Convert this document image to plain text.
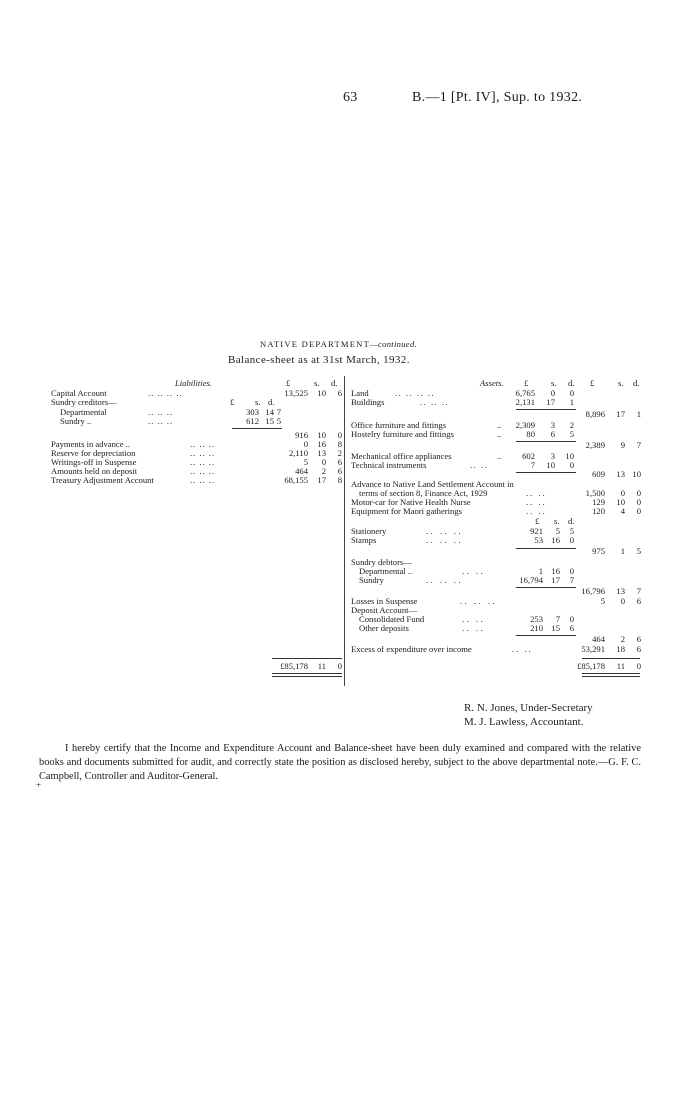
63	B.—1 [Pt. IV], Sup. to 1932.
NATIVE DEPARTMENT—continued.
Balance-sheet as at 31st March, 1932.
Liabilities.	£	s. d.
Capital Account	.. .. .. ..	13,525 10 6
Sundry creditors—	£ s. d.
Departmental	.. .. ..	303 14 7
Sundry ..	.. .. ..	612 15 5
916 10 0
Payments in advance ..	.. .. ..	0 16 8
Reserve for depreciation	.. .. ..	2,110 13 2
Writings-off in Suspense	.. .. ..	5 0 6
Amounts held on deposit	.. .. ..	464 2 6
Treasury Adjustment Account	.. .. ..	68,155 17 8
£85,178 11 0
Assets. £	s. d. £	s. d.
Land	.. .. .. ..	6,765 0 0
Buildings	.. .. ..	2,131 17 1
8,896 17 1
Office furniture and fittings	.. 2,309 3 2
Hostelry furniture and fittings	..	80 6 5
2,389 9 7
Mechanical office appliances	.. 602 3 10
Technical instruments	.. ..	7 10 0
609 13 10
Advance to Native Land Settlement Account in
terms of section 8, Finance Act, 1929	.. ..	1,500 0 0
Motor-car for Native Health Nurse	.. ..	129 10 0
Equipment for Maori gatherings	.. ..	120 4 0
£ s. d.
Stationery	.. .. ..	921 5 5
Stamps	.. .. ..	53 16 0
975 1 5
Sundry debtors—
Departmental ..	.. ..	1 16 0
Sundry	.. .. ..	16,794 17 7
16,796 13 7
Losses in Suspense	.. .. ..	5 0 6
Deposit Account—
Consolidated Fund	.. ..	253 7 0
Other deposits	.. ..	210 15 6
464 2 6
Excess of expenditure over income	.. ..	53,291 18 6
£85,178 11 0
R. N. Jones, Under-Secretary
M. J. Lawless, Accountant.
I hereby certify that the Income and Expenditure Account and Balance-sheet have been duly examined and compared with the relative books and documents submitted for audit, and correctly state the position as disclosed hereby, subject to the above departmental note.—G. F. C. Campbell, Controller and Auditor-General.
+
